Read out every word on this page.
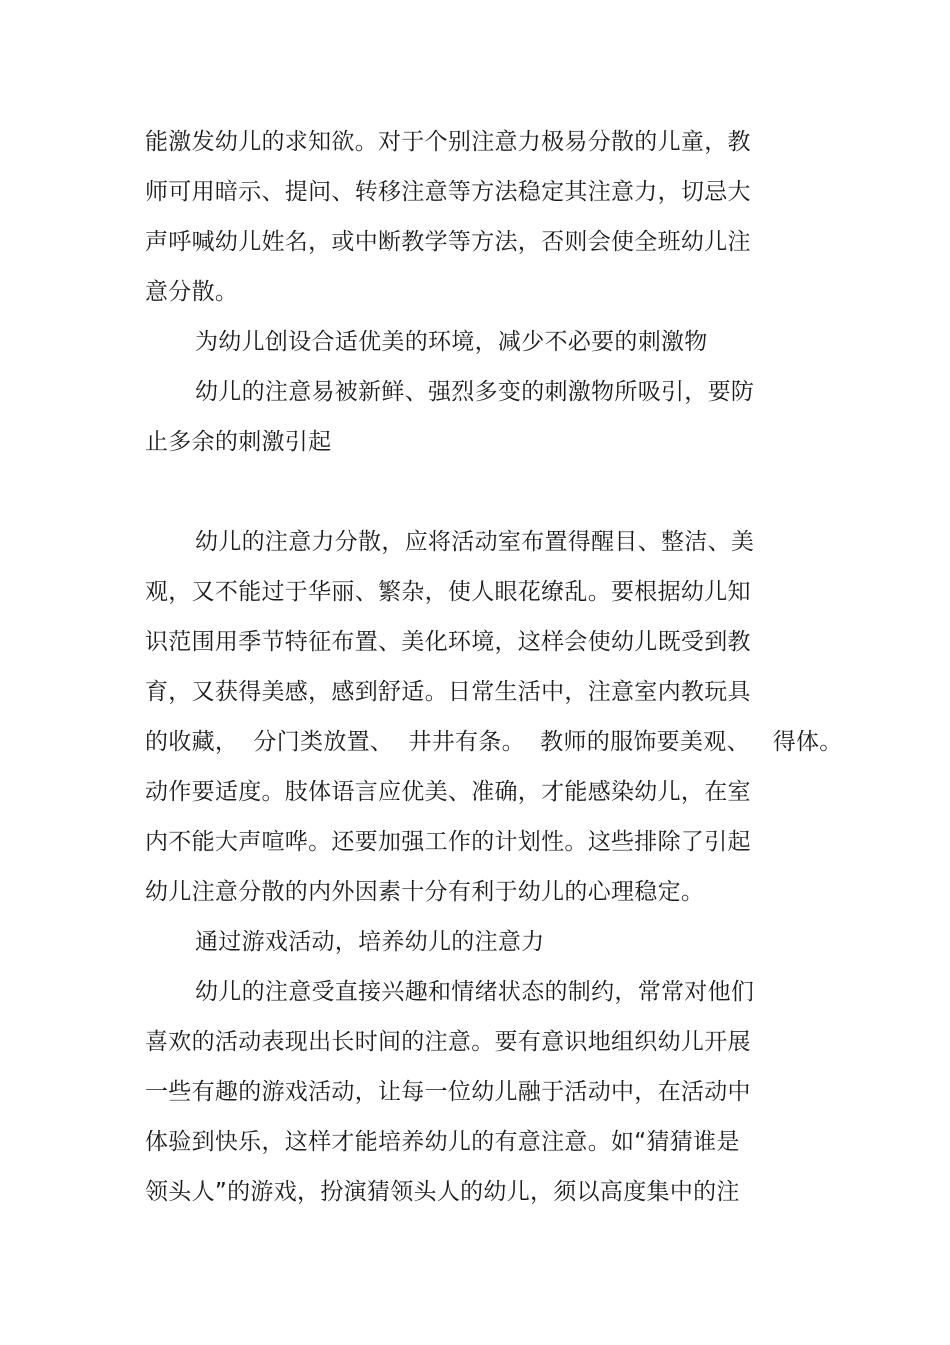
能激发幼儿的求知欲。对于个别注意力极易分散的儿童，教
师可用暗示、提问、转移注意等方法稳定其注意力，切忌大
声呼喊幼儿姓名，或中断教学等方法，否则会使全班幼儿注
意分散。
为幼儿创设合适优美的环境，减少不必要的刺激物
幼儿的注意易被新鲜、强烈多变的刺激物所吸引，要防
止多余的刺激引起
幼儿的注意力分散，应将活动室布置得醒目、整洁、美
观，又不能过于华丽、繁杂，使人眼花缭乱。要根据幼儿知
识范围用季节特征布置、美化环境，这样会使幼儿既受到教
育，又获得美感，感到舒适。日常生活中，注意室内教玩具
的收藏，  分门类放置、  井井有条。  教师的服饰要美观、   得体。
动作要适度。肢体语言应优美、准确，才能感染幼儿，在室
内不能大声喧哗。还要加强工作的计划性。这些排除了引起
幼儿注意分散的内外因素十分有利于幼儿的心理稳定。
通过游戏活动，培养幼儿的注意力
幼儿的注意受直接兴趣和情绪状态的制约，常常对他们
喜欢的活动表现出长时间的注意。要有意识地组织幼儿开展
一些有趣的游戏活动，让每一位幼儿融于活动中，在活动中
体验到快乐，这样才能培养幼儿的有意注意。如“猜猜谁是
领头人”的游戏，扮演猜领头人的幼儿，须以高度集中的注
